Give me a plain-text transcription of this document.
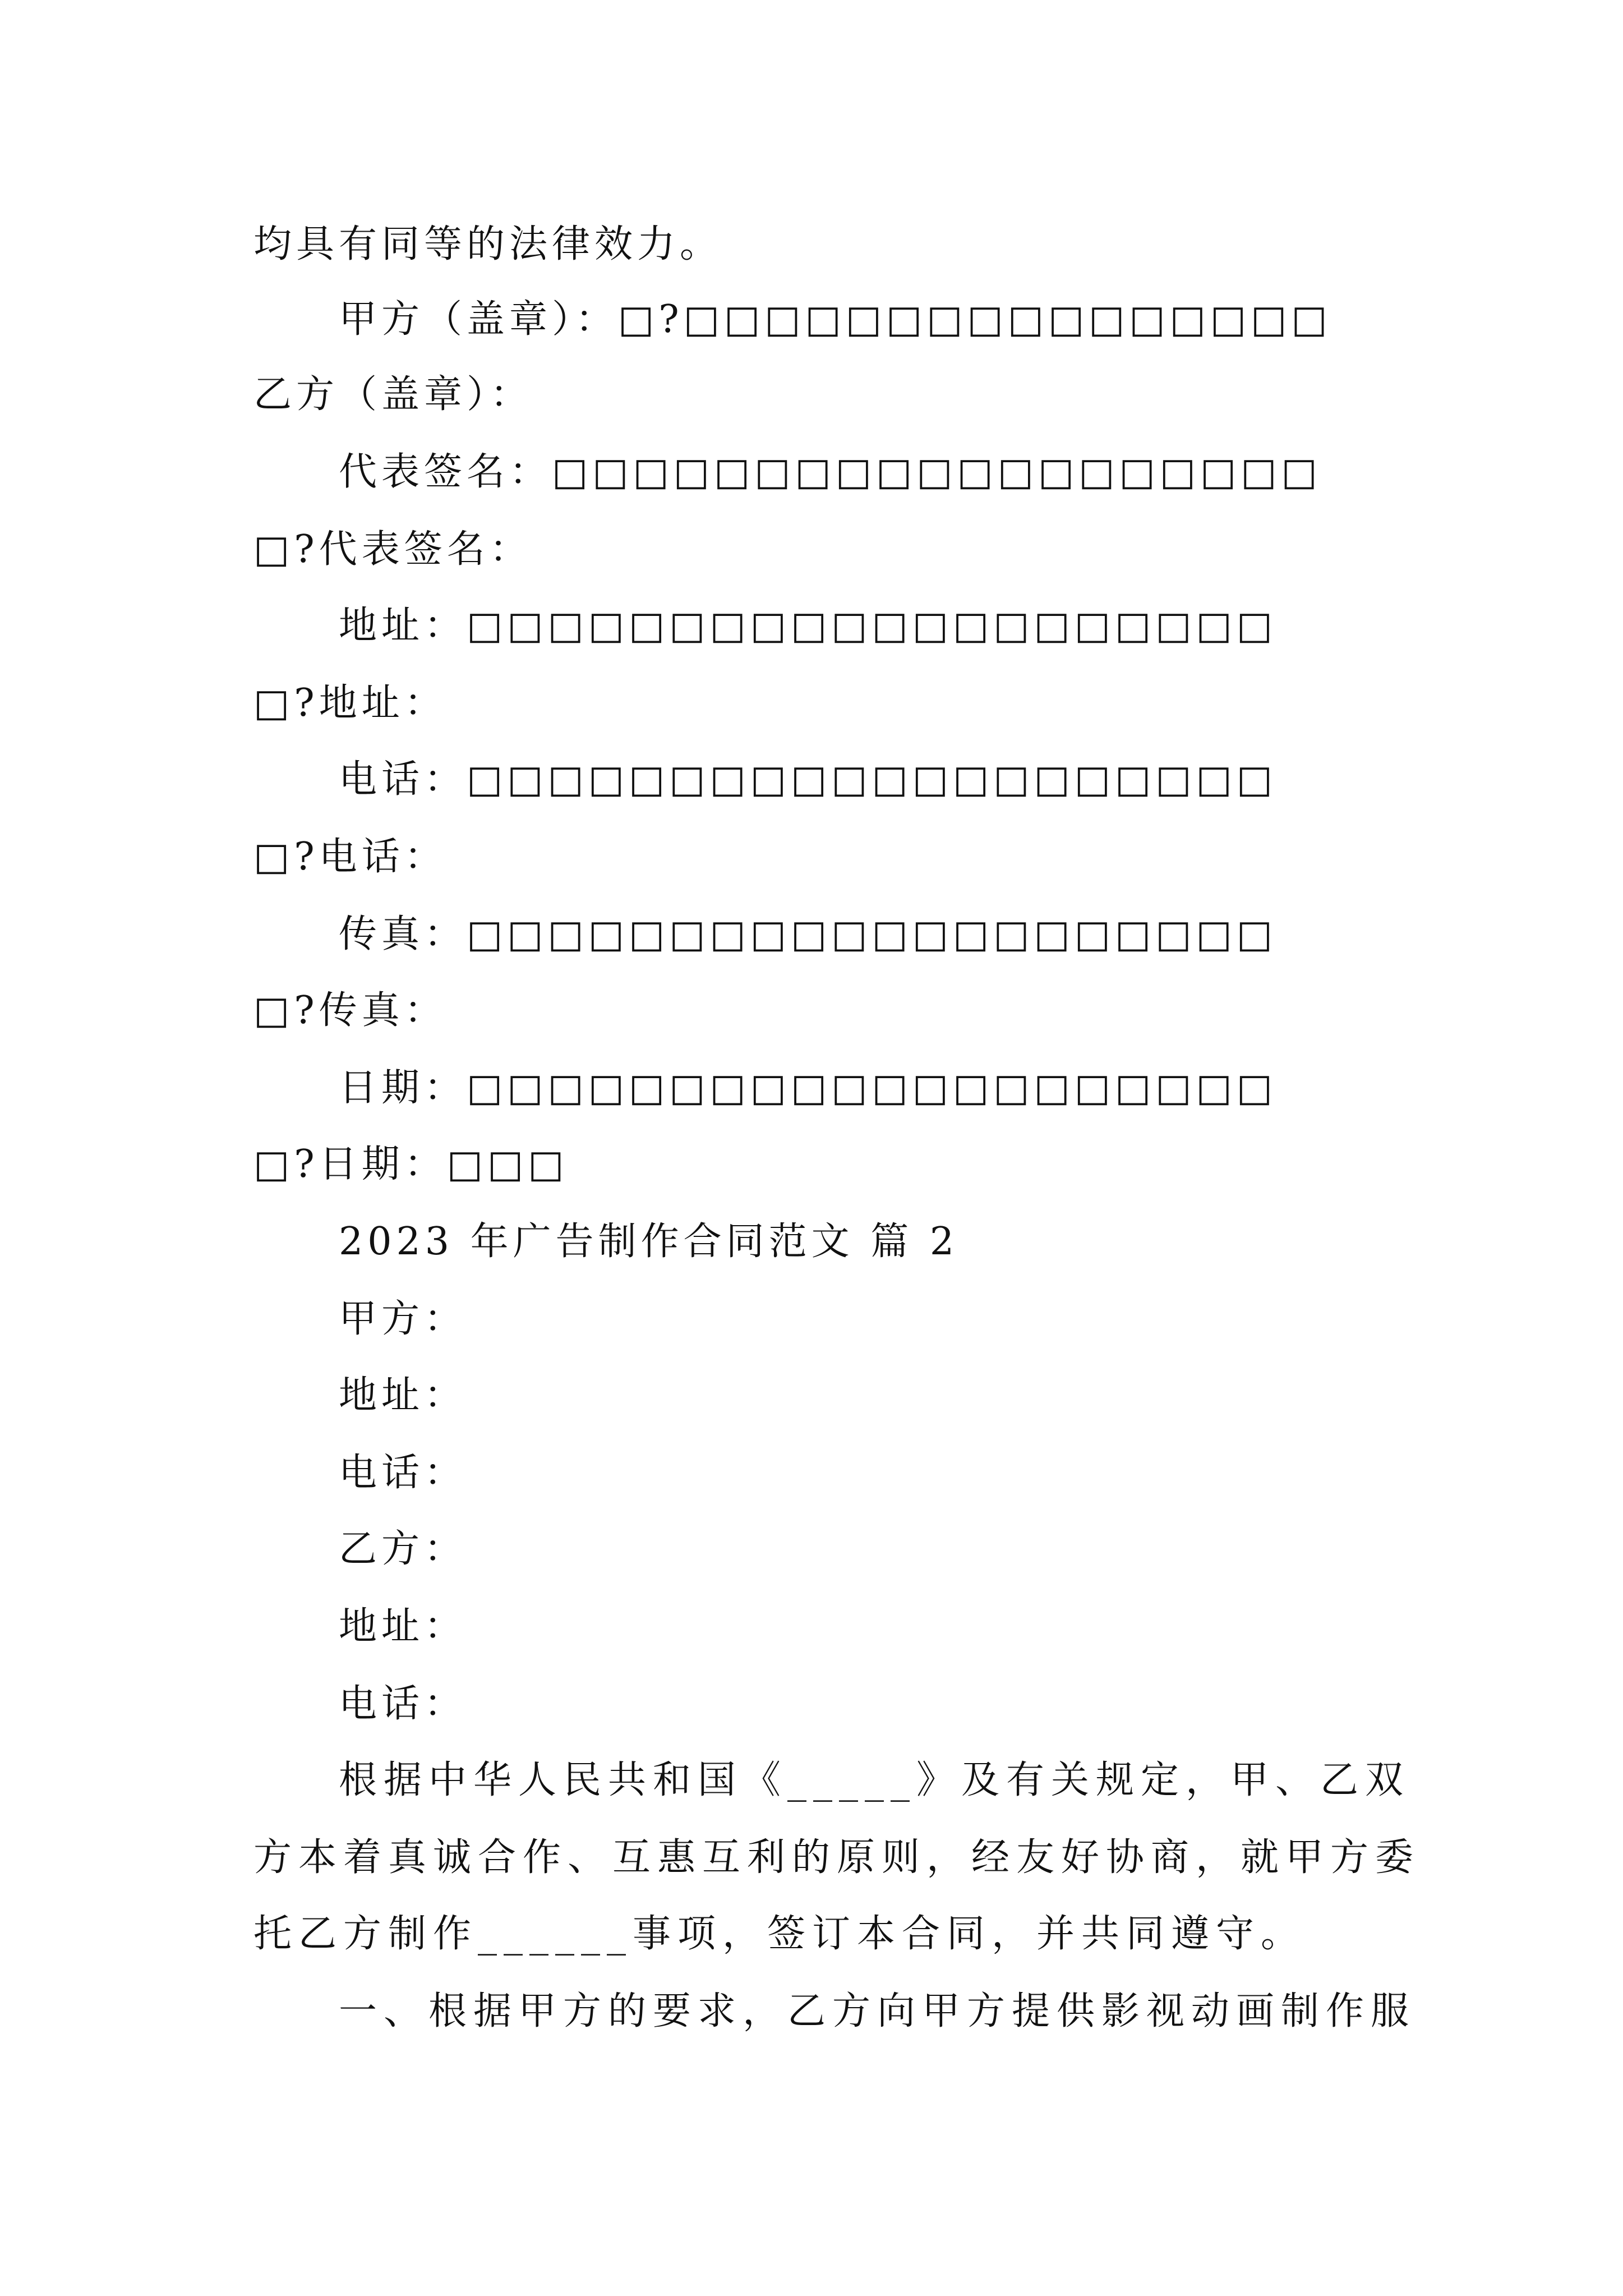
均具有同等的法律效力。
甲方（盖章）：□?□□□□□□□□□□□□□□□□
乙方（盖章）：
代表签名：□□□□□□□□□□□□□□□□□□□
□?代表签名：
地址：□□□□□□□□□□□□□□□□□□□□
□?地址：
电话：□□□□□□□□□□□□□□□□□□□□
□?电话：
传真：□□□□□□□□□□□□□□□□□□□□
□?传真：
日期：□□□□□□□□□□□□□□□□□□□□
□?日期：□□□
2023 年广告制作合同范文 篇 2
甲方：
地址：
电话：
乙方：
地址：
电话：
根据中华人民共和国《_____》及有关规定，甲、乙双
方本着真诚合作、互惠互利的原则，经友好协商，就甲方委
托乙方制作______事项，签订本合同，并共同遵守。
一、根据甲方的要求，乙方向甲方提供影视动画制作服
